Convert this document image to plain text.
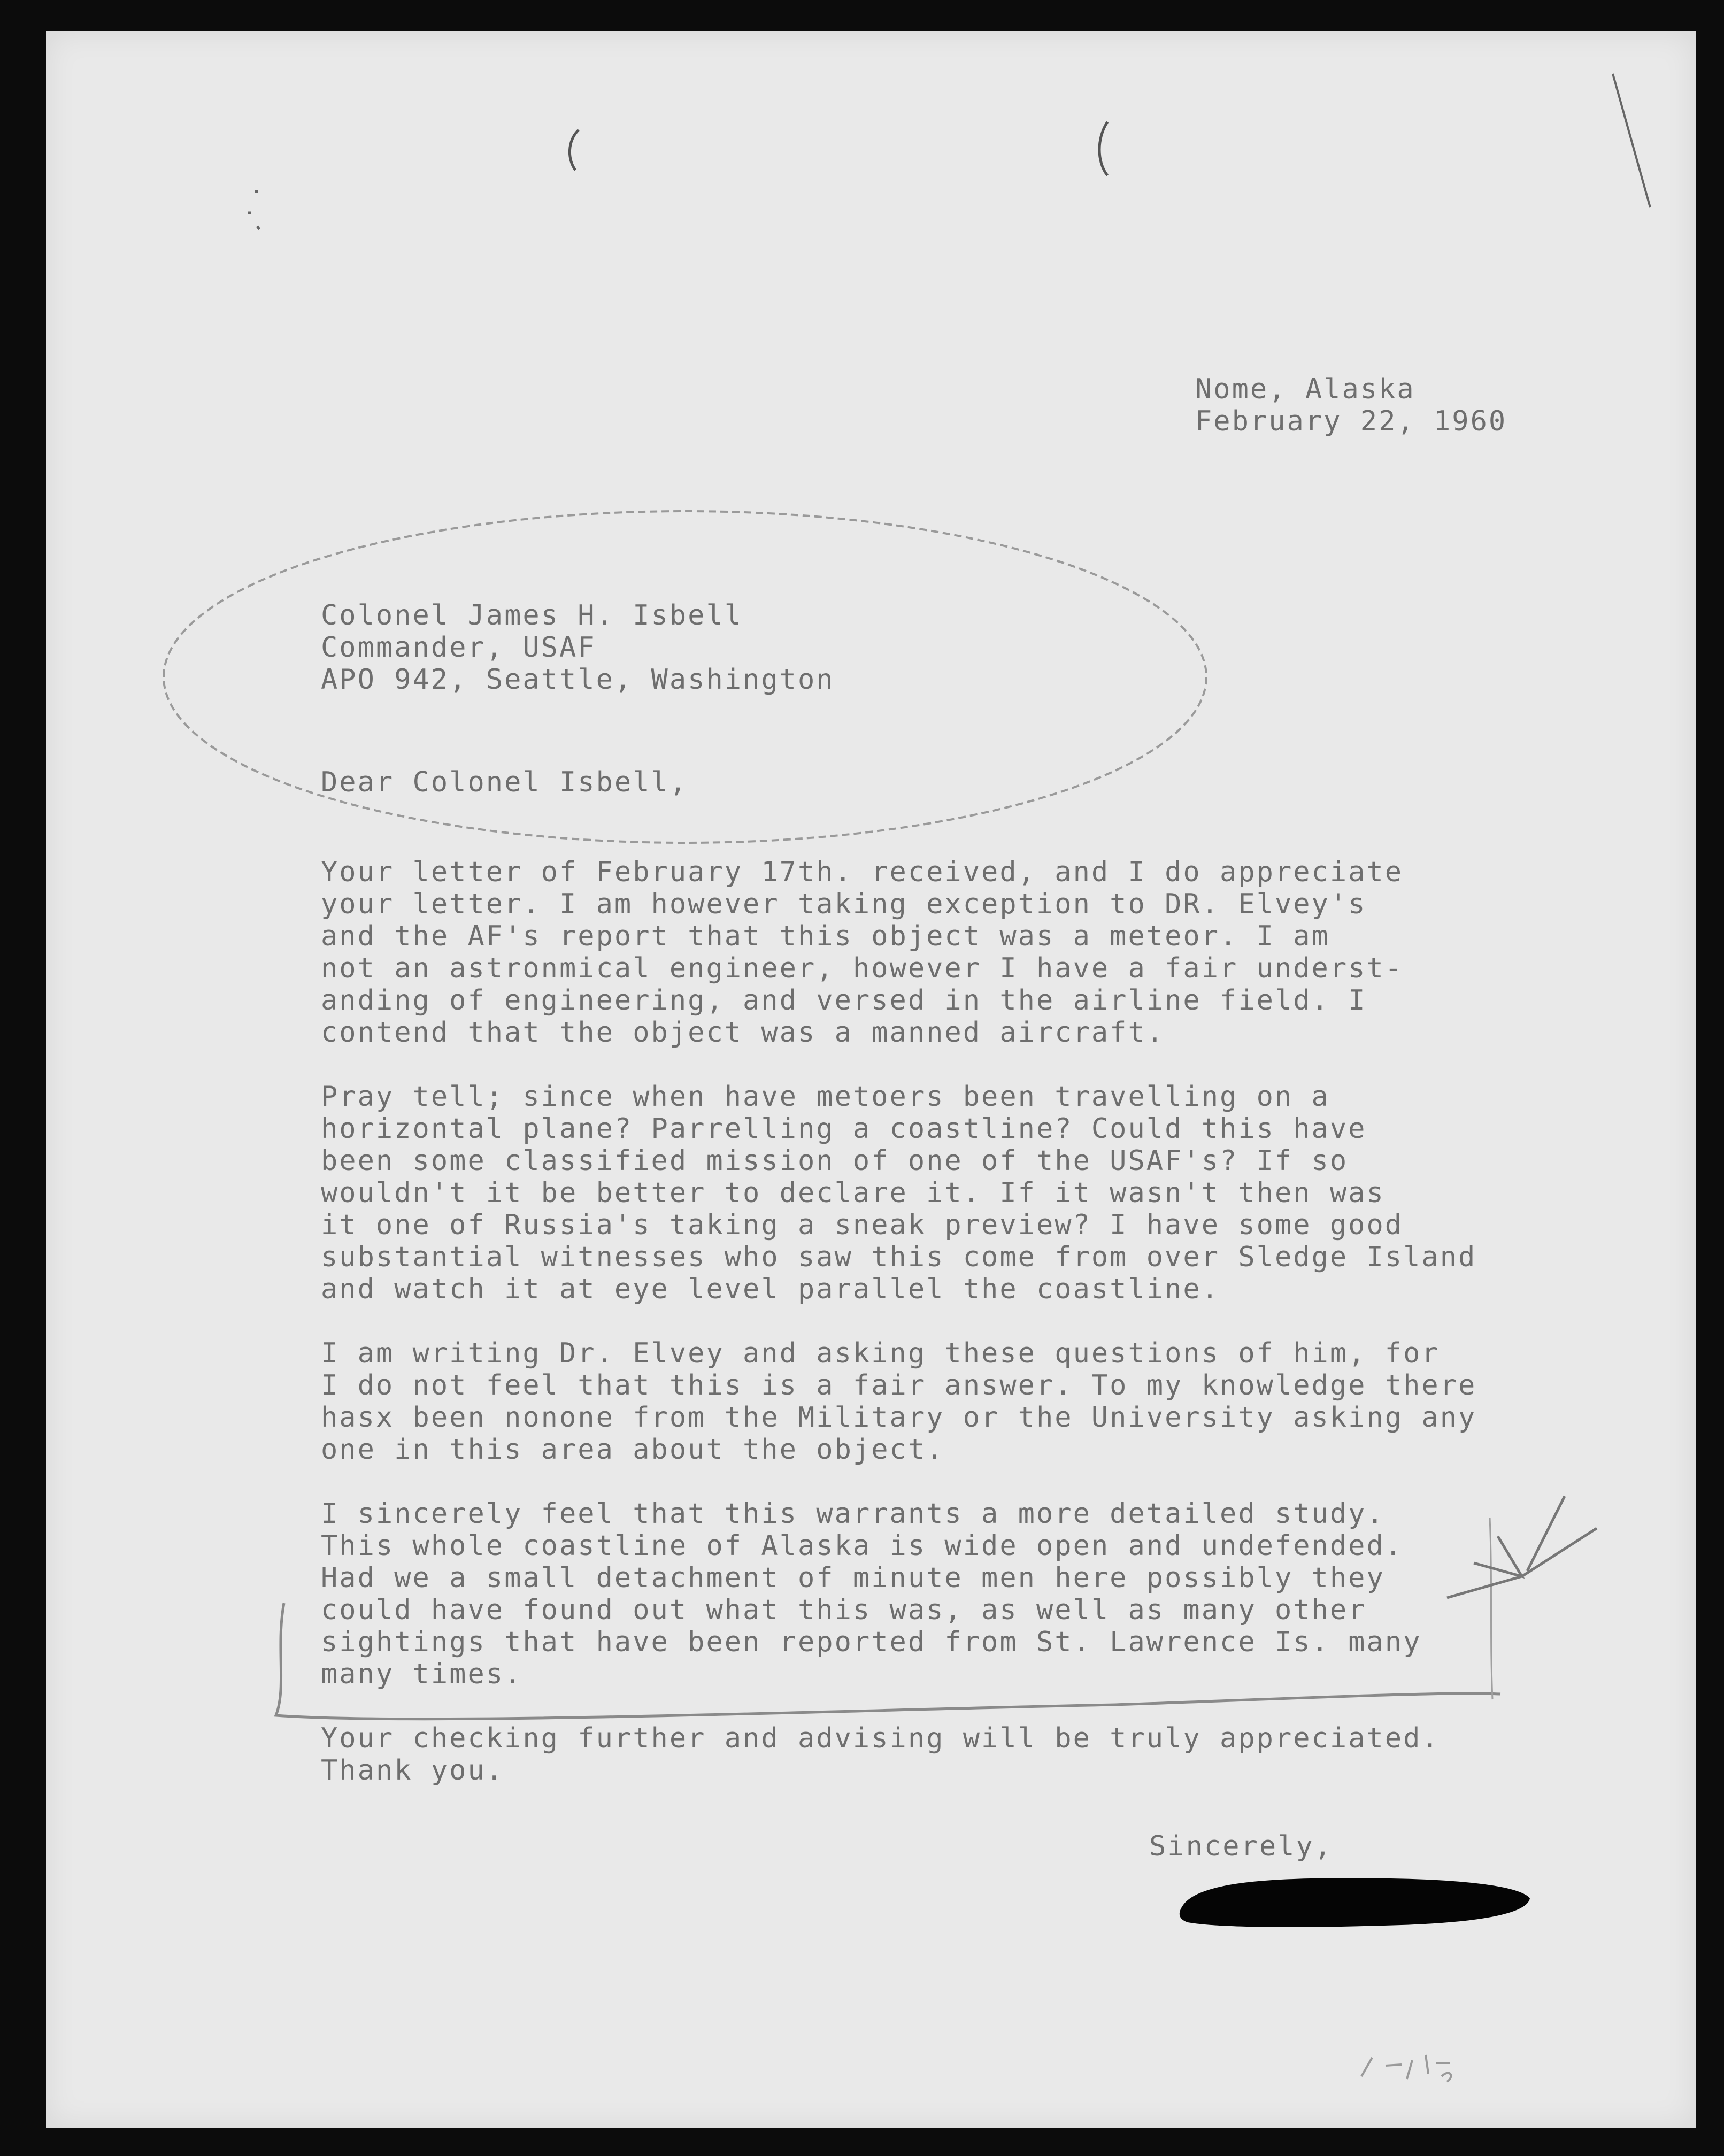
Nome, Alaska
February 22, 1960
Colonel James H. Isbell
Commander, USAF
APO 942, Seattle, Washington
Dear Colonel Isbell,
Your letter of February 17th. received, and I do appreciate
your letter. I am however taking exception to DR. Elvey's
and the AF's report that this object was a meteor. I am
not an astronmical engineer, however I have a fair underst-
anding of engineering, and versed in the airline field. I
contend that the object was a manned aircraft.
Pray tell; since when have metoers been travelling on a
horizontal plane? Parrelling a coastline? Could this have
been some classified mission of one of the USAF's? If so
wouldn't it be better to declare it. If it wasn't then was
it one of Russia's taking a sneak preview? I have some good
substantial witnesses who saw this come from over Sledge Island
and watch it at eye level parallel the coastline.
I am writing Dr. Elvey and asking these questions of him, for
I do not feel that this is a fair answer. To my knowledge there
hasx been nonone from the Military or the University asking any
one in this area about the object.
I sincerely feel that this warrants a more detailed study.
This whole coastline of Alaska is wide open and undefended.
Had we a small detachment of minute men here possibly they
could have found out what this was, as well as many other
sightings that have been reported from St. Lawrence Is. many
many times.
Your checking further and advising will be truly appreciated.
Thank you.
Sincerely,
